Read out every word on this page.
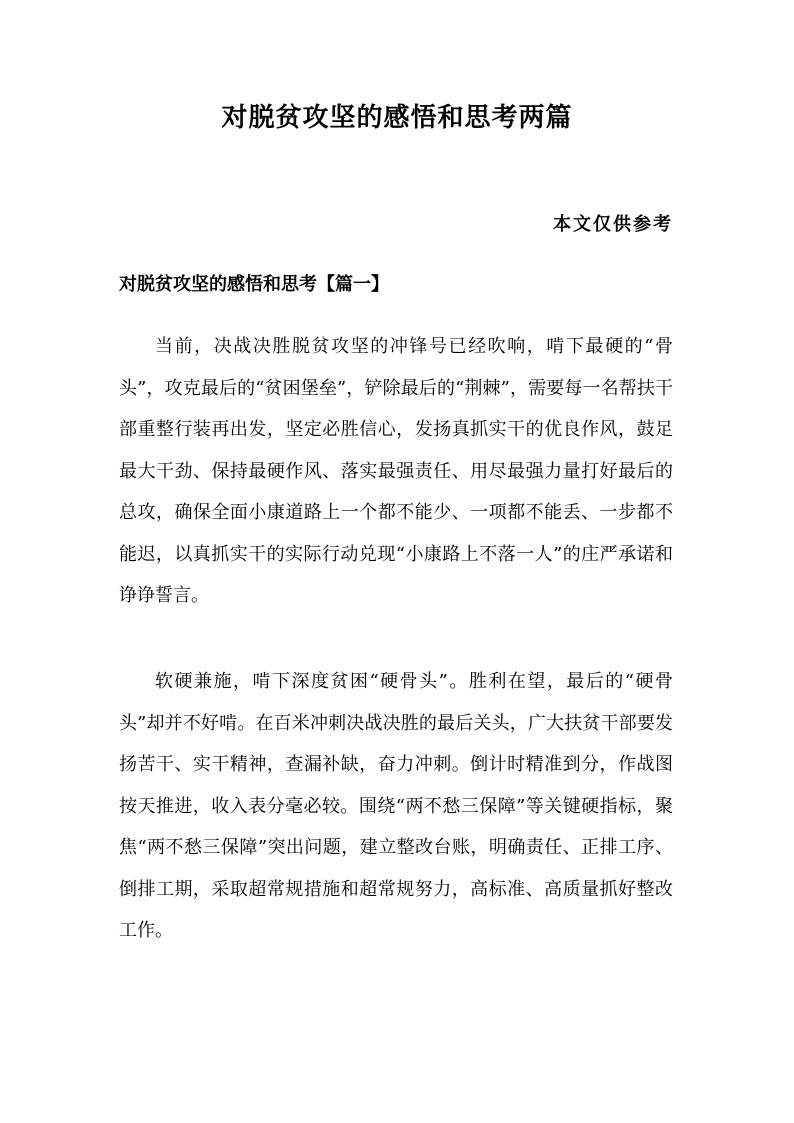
对脱贫攻坚的感悟和思考两篇
本文仅供参考
对脱贫攻坚的感悟和思考【篇一】

当前，决战决胜脱贫攻坚的冲锋号已经吹响，啃下最硬的“骨头”，攻克最后的“贫困堡垒”，铲除最后的“荆棘”，需要每一名帮扶干部重整行装再出发，坚定必胜信心，发扬真抓实干的优良作风，鼓足最大干劲、保持最硬作风、落实最强责任、用尽最强力量打好最后的总攻，确保全面小康道路上一个都不能少、一项都不能丢、一步都不能迟，以真抓实干的实际行动兑现“小康路上不落一人”的庄严承诺和诤诤誓言。

软硬兼施，啃下深度贫困“硬骨头”。胜利在望，最后的“硬骨头”却并不好啃。在百米冲刺决战决胜的最后关头，广大扶贫干部要发扬苦干、实干精神，查漏补缺，奋力冲刺。倒计时精准到分，作战图按天推进，收入表分毫必较。围绕“两不愁三保障”等关键硬指标，聚焦“两不愁三保障”突出问题，建立整改台账，明确责任、正排工序、倒排工期，采取超常规措施和超常规努力，高标准、高质量抓好整改工作。
